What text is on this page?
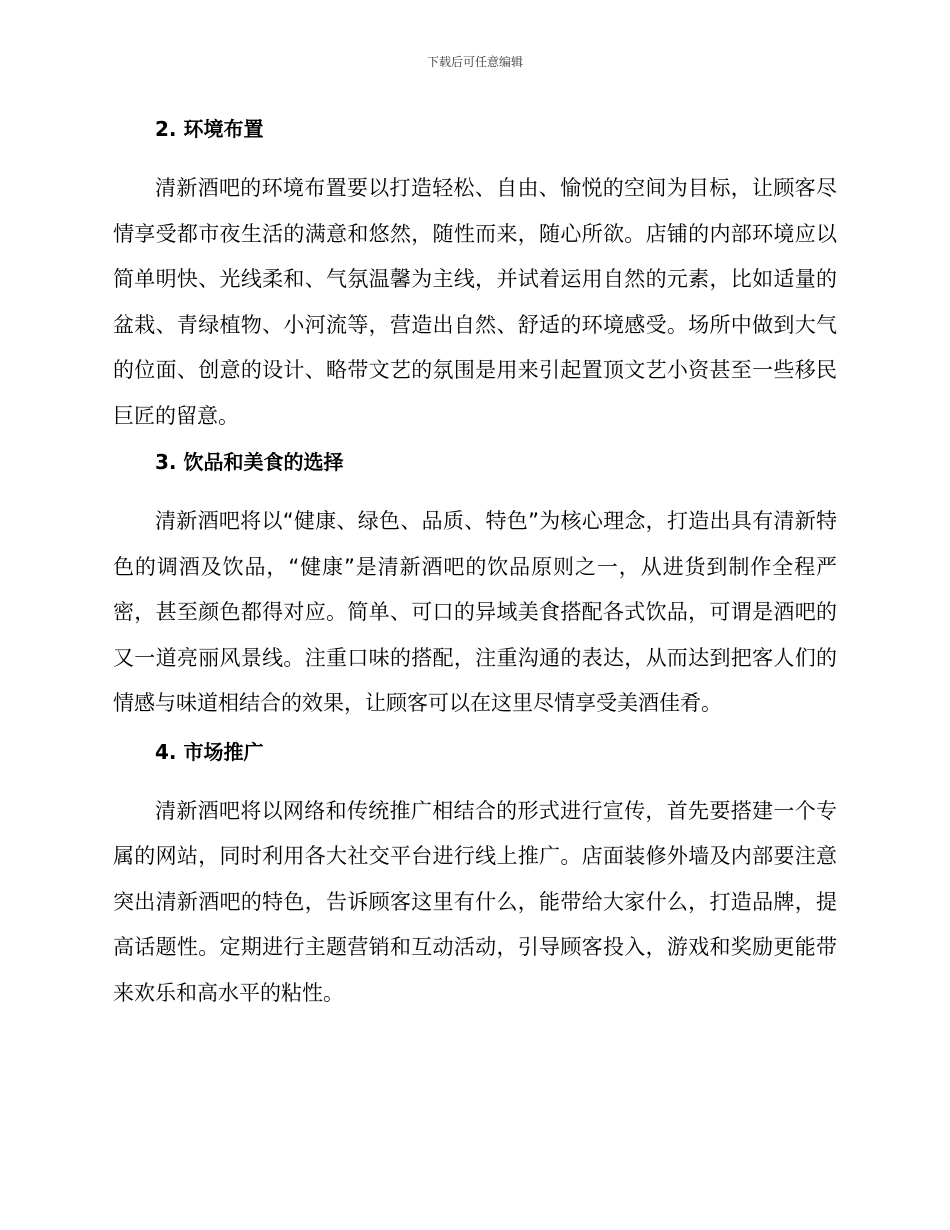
下载后可任意编辑
2. 环境布置

清新酒吧的环境布置要以打造轻松、自由、愉悦的空间为目标，让顾客尽情享受都市夜生活的满意和悠然，随性而来，随心所欲。店铺的内部环境应以简单明快、光线柔和、气氛温馨为主线，并试着运用自然的元素，比如适量的盆栽、青绿植物、小河流等，营造出自然、舒适的环境感受。场所中做到大气的位面、创意的设计、略带文艺的氛围是用来引起置顶文艺小资甚至一些移民巨匠的留意。

3. 饮品和美食的选择

清新酒吧将以“健康、绿色、品质、特色”为核心理念，打造出具有清新特色的调酒及饮品，“健康”是清新酒吧的饮品原则之一，从进货到制作全程严密，甚至颜色都得对应。简单、可口的异域美食搭配各式饮品，可谓是酒吧的又一道亮丽风景线。注重口味的搭配，注重沟通的表达，从而达到把客人们的情感与味道相结合的效果，让顾客可以在这里尽情享受美酒佳肴。

4. 市场推广

清新酒吧将以网络和传统推广相结合的形式进行宣传，首先要搭建一个专属的网站，同时利用各大社交平台进行线上推广。店面装修外墙及内部要注意突出清新酒吧的特色，告诉顾客这里有什么，能带给大家什么，打造品牌，提高话题性。定期进行主题营销和互动活动，引导顾客投入，游戏和奖励更能带来欢乐和高水平的粘性。
